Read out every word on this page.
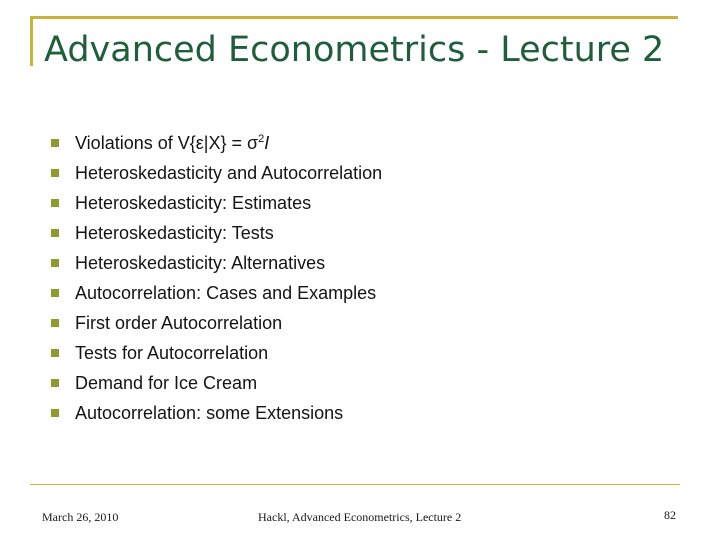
Advanced Econometrics - Lecture 2
Violations of $V\{\varepsilon|X\} = \sigma^2I$
Heteroskedasticity and Autocorrelation
Heteroskedasticity: Estimates
Heteroskedasticity: Tests
Heteroskedasticity: Alternatives
Autocorrelation: Cases and Examples
First order Autocorrelation
Tests for Autocorrelation
Demand for Ice Cream
Autocorrelation: some Extensions
March 26, 2010	Hackl, Advanced Econometrics, Lecture 2	82
